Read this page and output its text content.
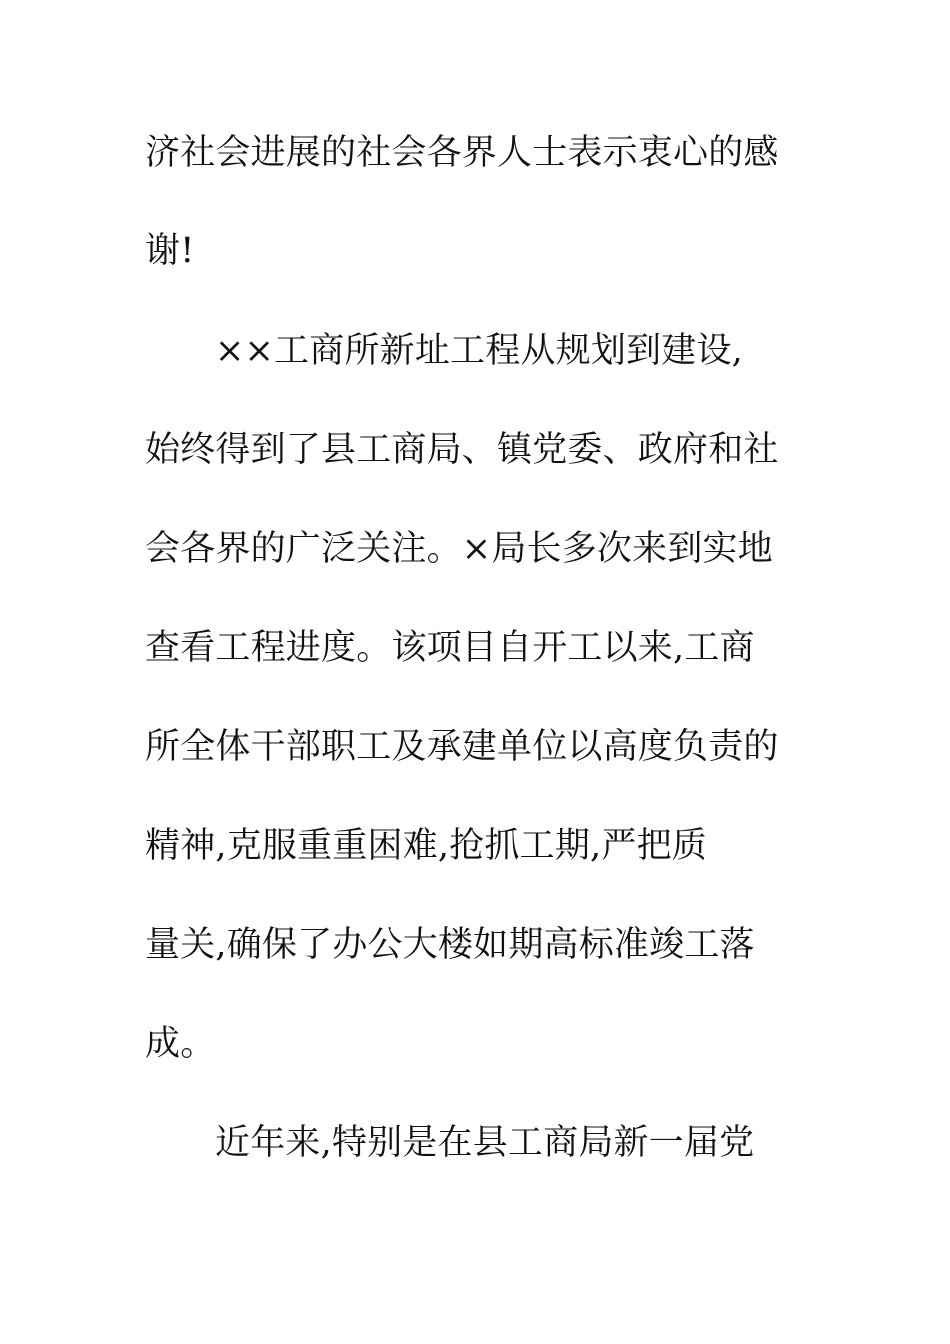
济社会进展的社会各界人士表示衷心的感
谢!
××工商所新址工程从规划到建设,
始终得到了县工商局、镇党委、政府和社
会各界的广泛关注。×局长多次来到实地
查看工程进度。该项目自开工以来,工商
所全体干部职工及承建单位以高度负责的
精神,克服重重困难,抢抓工期,严把质
量关,确保了办公大楼如期高标准竣工落
成。
近年来,特别是在县工商局新一届党
